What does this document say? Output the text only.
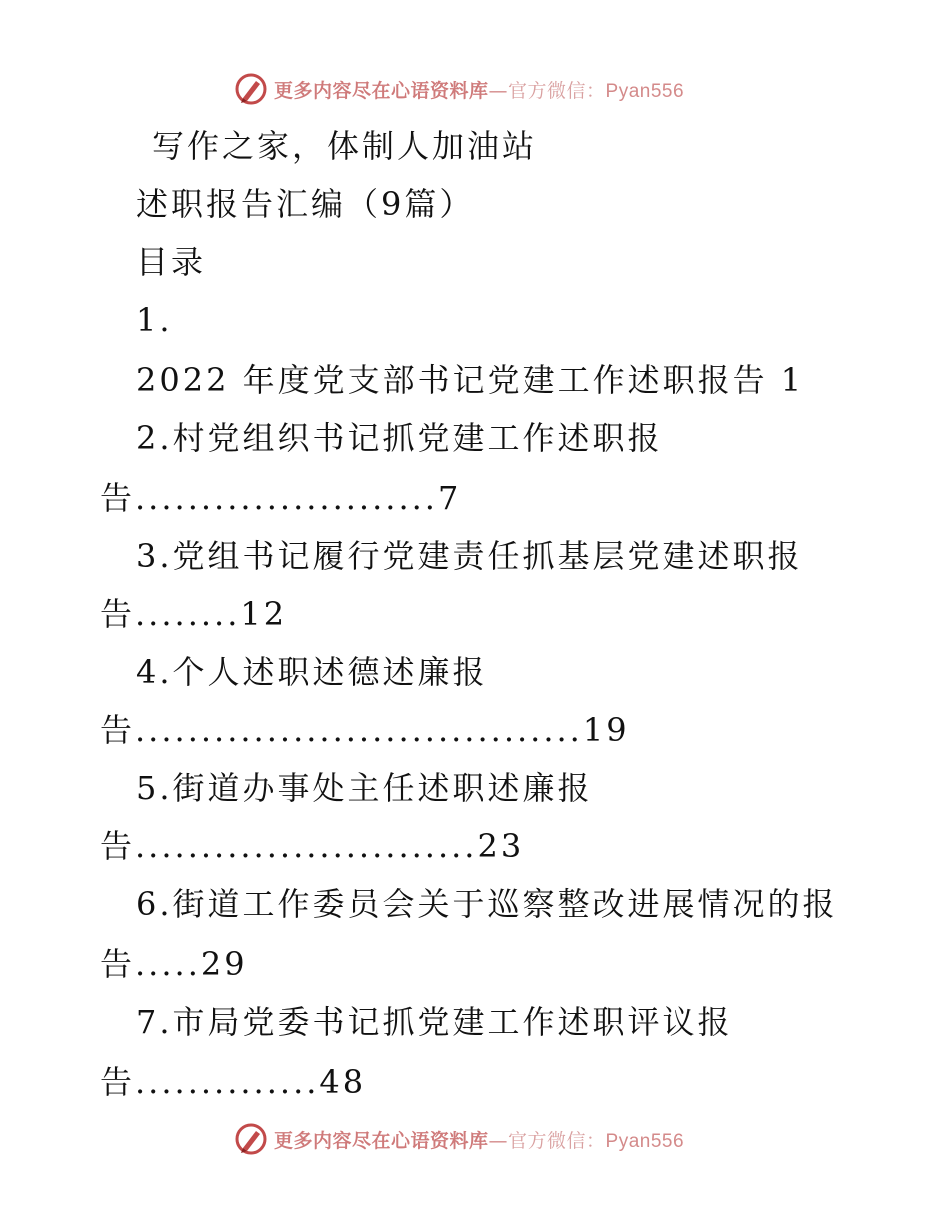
更多内容尽在心语资料库—官方微信：Pyan556
写作之家，体制人加油站
述职报告汇编（9篇）
目录
1.
2022 年度党支部书记党建工作述职报告 1
2.村党组织书记抓党建工作述职报
告.......................7
3.党组书记履行党建责任抓基层党建述职报
告........12
4.个人述职述德述廉报
告..................................19
5.街道办事处主任述职述廉报
告..........................23
6.街道工作委员会关于巡察整改进展情况的报
告.....29
7.市局党委书记抓党建工作述职评议报
告..............48
更多内容尽在心语资料库—官方微信：Pyan556
